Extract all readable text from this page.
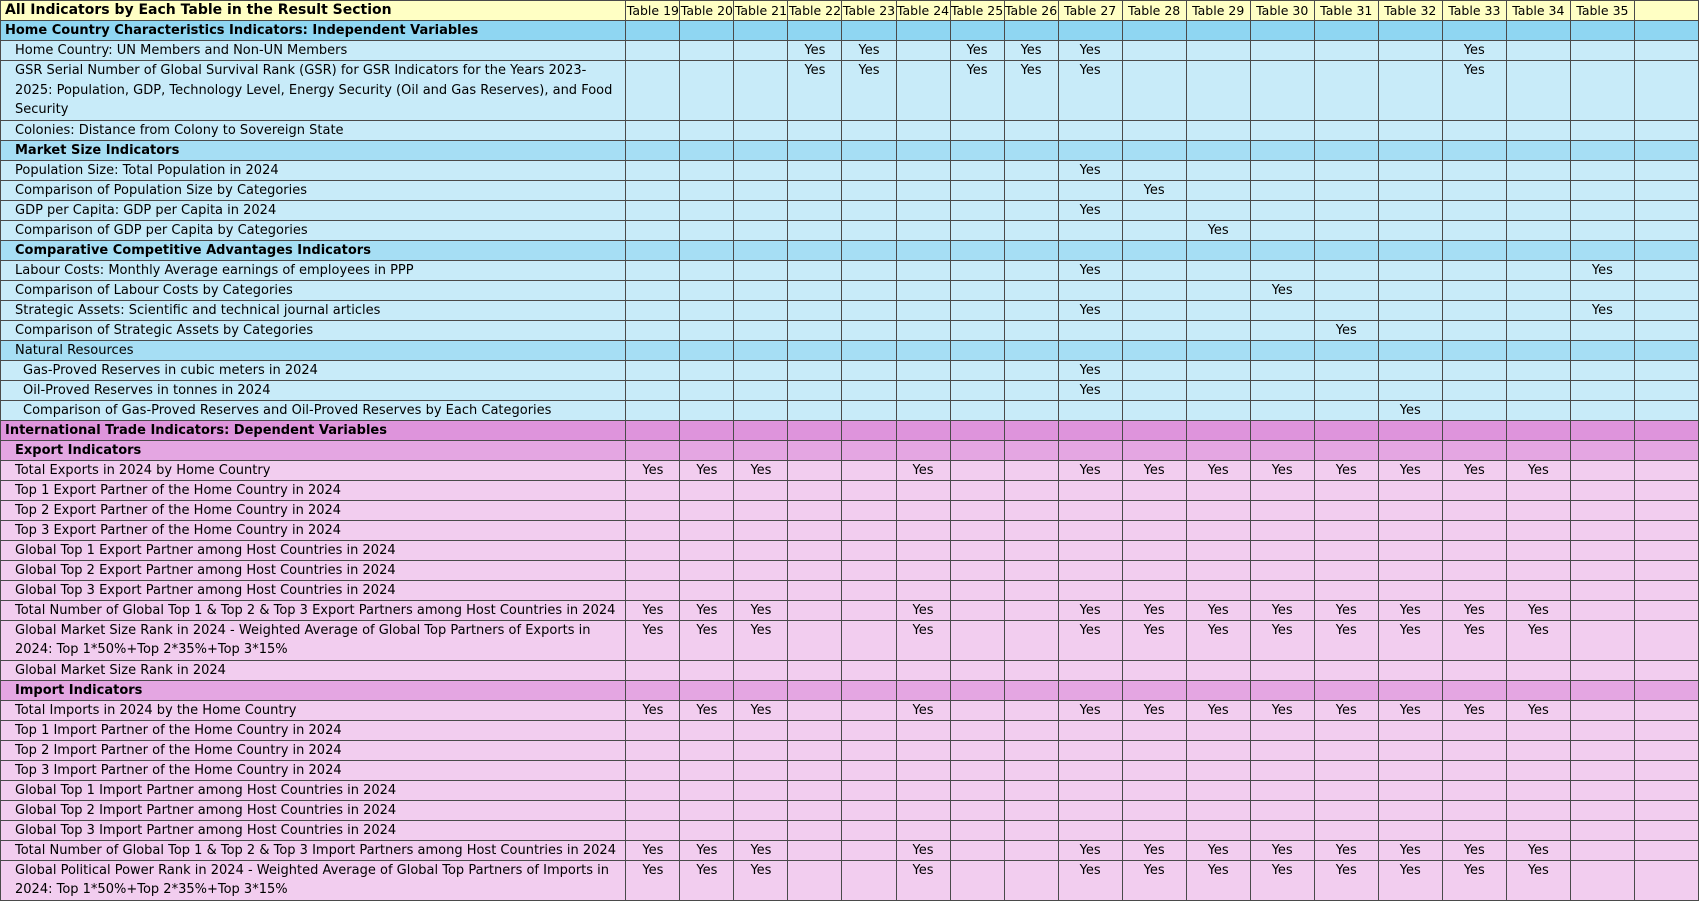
All Indicators by Each Table in the Result Section	Table 19	Table 20	Table 21	Table 22	Table 23	Table 24	Table 25	Table 26	Table 27	Table 28	Table 29	Table 30	Table 31	Table 32	Table 33	Table 34	Table 35	
Home Country Characteristics Indicators: Independent Variables																		
Home Country: UN Members and Non-UN Members				Yes	Yes		Yes	Yes	Yes						Yes			
GSR Serial Number of Global Survival Rank (GSR) for GSR Indicators for the Years 2023-2025: Population, GDP, Technology Level, Energy Security (Oil and Gas Reserves), and Food Security				Yes	Yes		Yes	Yes	Yes						Yes			
Colonies: Distance from Colony to Sovereign State																		
Market Size Indicators																		
Population Size: Total Population in 2024									Yes									
Comparison of Population Size by Categories										Yes								
GDP per Capita: GDP per Capita in 2024									Yes									
Comparison of GDP per Capita by Categories											Yes							
Comparative Competitive Advantages Indicators																		
Labour Costs: Monthly Average earnings of employees in PPP									Yes								Yes	
Comparison of Labour Costs by Categories												Yes						
Strategic Assets: Scientific and technical journal articles									Yes								Yes	
Comparison of Strategic Assets by Categories													Yes					
Natural Resources																		
Gas-Proved Reserves in cubic meters in 2024									Yes									
Oil-Proved Reserves in tonnes in 2024									Yes									
Comparison of Gas-Proved Reserves and Oil-Proved Reserves by Each Categories														Yes				
International Trade Indicators: Dependent Variables																		
Export Indicators																		
Total Exports in 2024 by Home Country	Yes	Yes	Yes			Yes			Yes	Yes	Yes	Yes	Yes	Yes	Yes	Yes		
Top 1 Export Partner of the Home Country in 2024																		
Top 2 Export Partner of the Home Country in 2024																		
Top 3 Export Partner of the Home Country in 2024																		
Global Top 1 Export Partner among Host Countries in 2024																		
Global Top 2 Export Partner among Host Countries in 2024																		
Global Top 3 Export Partner among Host Countries in 2024																		
Total Number of Global Top 1 & Top 2 & Top 3 Export Partners among Host Countries in 2024	Yes	Yes	Yes			Yes			Yes	Yes	Yes	Yes	Yes	Yes	Yes	Yes		
Global Market Size Rank in 2024 - Weighted Average of Global Top Partners of Exports in 2024: Top 1*50%+Top 2*35%+Top 3*15%	Yes	Yes	Yes			Yes			Yes	Yes	Yes	Yes	Yes	Yes	Yes	Yes		
Global Market Size Rank in 2024																		
Import Indicators																		
Total Imports in 2024 by the Home Country	Yes	Yes	Yes			Yes			Yes	Yes	Yes	Yes	Yes	Yes	Yes	Yes		
Top 1 Import Partner of the Home Country in 2024																		
Top 2 Import Partner of the Home Country in 2024																		
Top 3 Import Partner of the Home Country in 2024																		
Global Top 1 Import Partner among Host Countries in 2024																		
Global Top 2 Import Partner among Host Countries in 2024																		
Global Top 3 Import Partner among Host Countries in 2024																		
Total Number of Global Top 1 & Top 2 & Top 3 Import Partners among Host Countries in 2024	Yes	Yes	Yes			Yes			Yes	Yes	Yes	Yes	Yes	Yes	Yes	Yes		
Global Political Power Rank in 2024 - Weighted Average of Global Top Partners of Imports in 2024: Top 1*50%+Top 2*35%+Top 3*15%	Yes	Yes	Yes			Yes			Yes	Yes	Yes	Yes	Yes	Yes	Yes	Yes		
